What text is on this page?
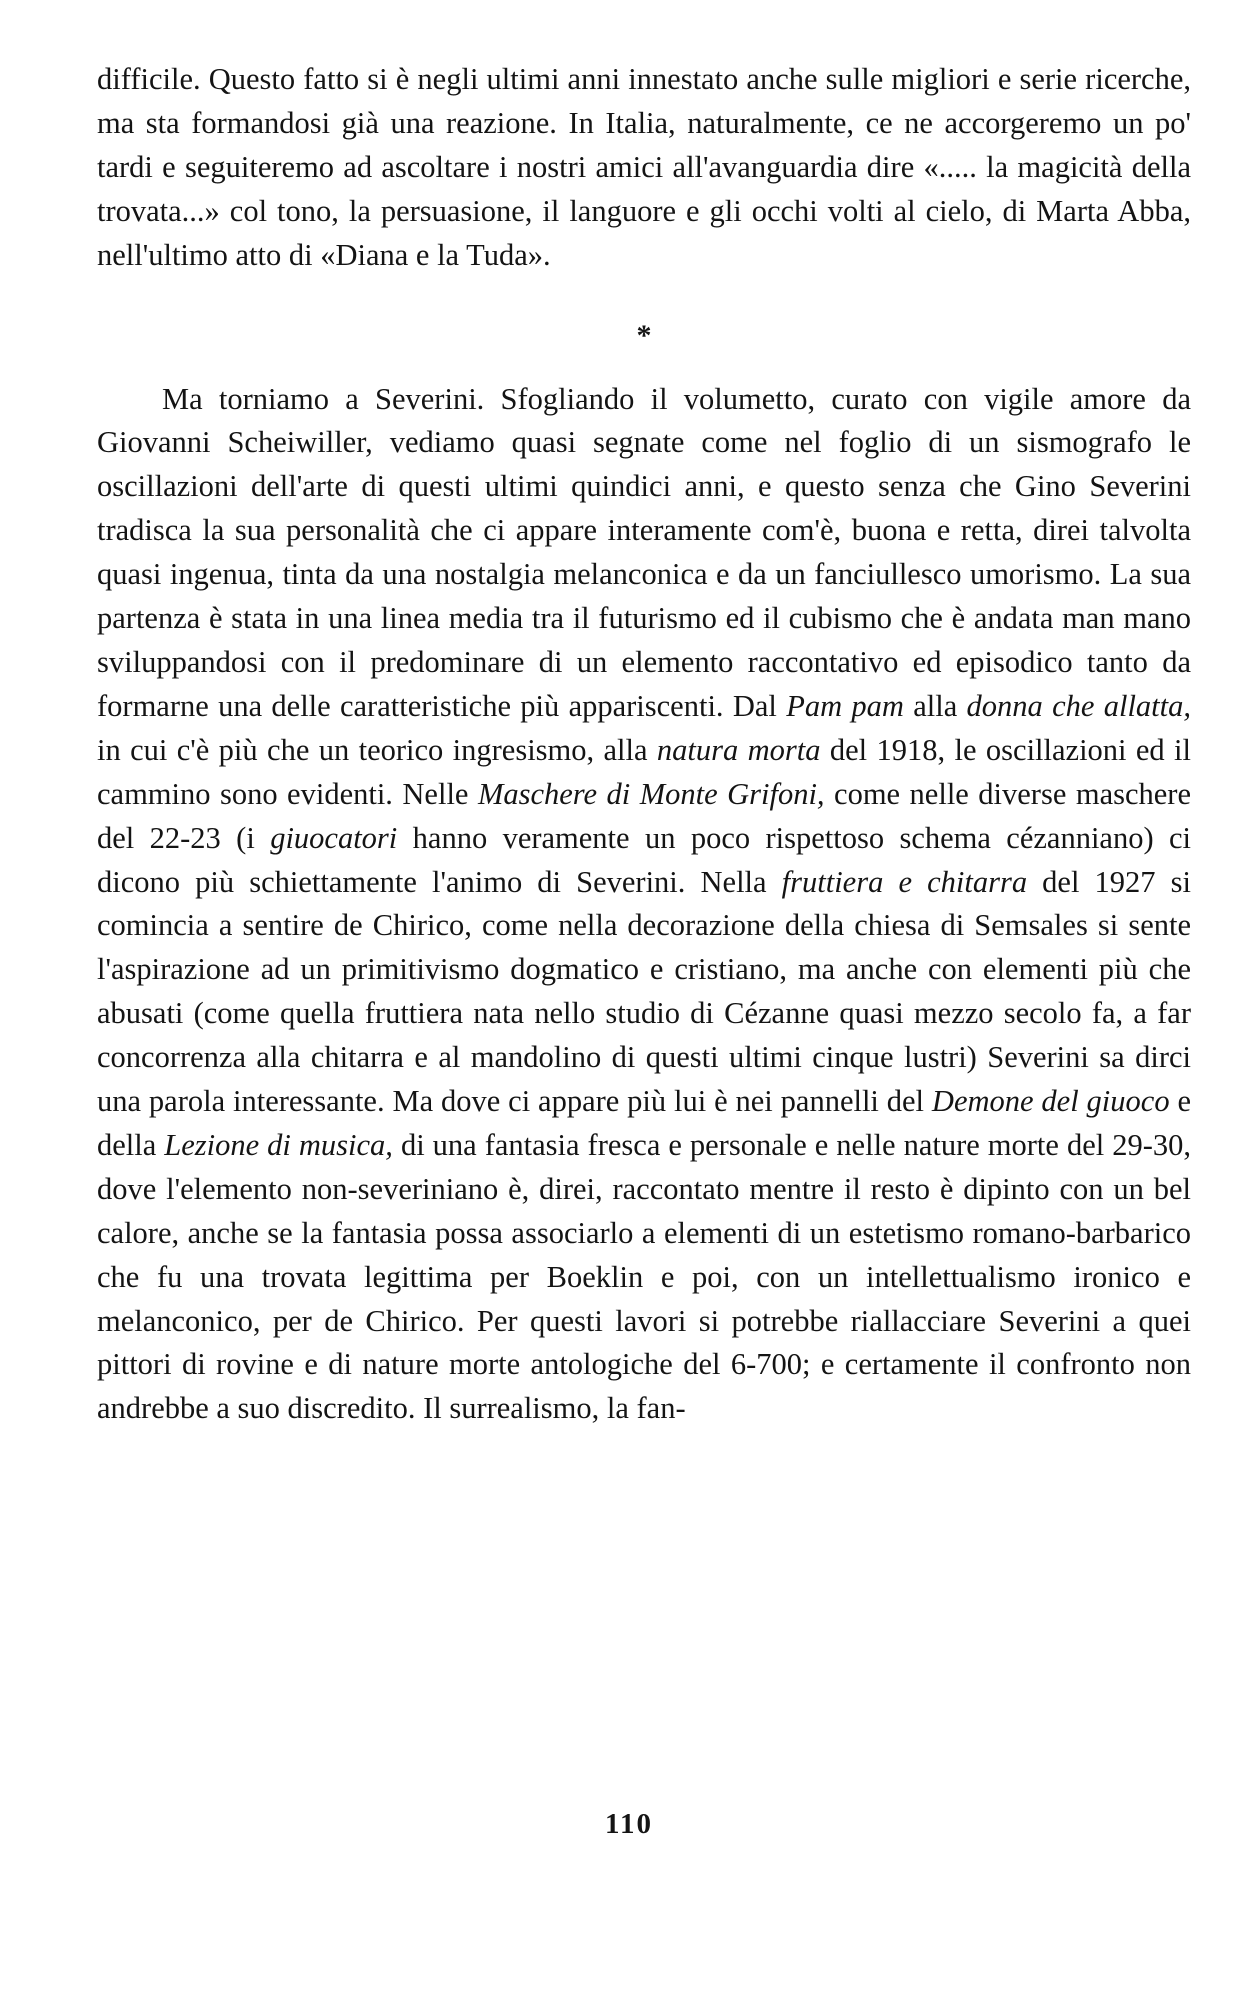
difficile. Questo fatto si è negli ultimi anni innestato anche sulle migliori e serie ricerche, ma sta formandosi già una reazione. In Italia, naturalmente, ce ne accorgeremo un po' tardi e seguiteremo ad ascoltare i nostri amici all'avanguardia dire «..... la magicità della trovata...» col tono, la persuasione, il languore e gli occhi volti al cielo, di Marta Abba, nell'ultimo atto di «Diana e la Tuda».

*

Ma torniamo a Severini. Sfogliando il volumetto, curato con vigile amore da Giovanni Scheiwiller, vediamo quasi segnate come nel foglio di un sismografo le oscillazioni dell'arte di questi ultimi quindici anni, e questo senza che Gino Severini tradisca la sua personalità che ci appare interamente com'è, buona e retta, direi talvolta quasi ingenua, tinta da una nostalgia melanconica e da un fanciullesco umorismo. La sua partenza è stata in una linea media tra il futurismo ed il cubismo che è andata man mano sviluppandosi con il predominare di un elemento raccontativo ed episodico tanto da formarne una delle caratteristiche più appariscenti. Dal Pam pam alla donna che allatta, in cui c'è più che un teorico ingresismo, alla natura morta del 1918, le oscillazioni ed il cammino sono evidenti. Nelle Maschere di Monte Grifoni, come nelle diverse maschere del 22-23 (i giuocatori hanno veramente un poco rispettoso schema cézanniano) ci dicono più schiettamente l'animo di Severini. Nella fruttiera e chitarra del 1927 si comincia a sentire de Chirico, come nella decorazione della chiesa di Semsales si sente l'aspirazione ad un primitivismo dogmatico e cristiano, ma anche con elementi più che abusati (come quella fruttiera nata nello studio di Cézanne quasi mezzo secolo fa, a far concorrenza alla chitarra e al mandolino di questi ultimi cinque lustri) Severini sa dirci una parola interessante. Ma dove ci appare più lui è nei pannelli del Demone del giuoco e della Lezione di musica, di una fantasia fresca e personale e nelle nature morte del 29-30, dove l'elemento non-severiniano è, direi, raccontato mentre il resto è dipinto con un bel calore, anche se la fantasia possa associarlo a elementi di un estetismo romano-barbarico che fu una trovata legittima per Boeklin e poi, con un intellettualismo ironico e melanconico, per de Chirico. Per questi lavori si potrebbe riallacciare Severini a quei pittori di rovine e di nature morte antologiche del 6-700; e certamente il confronto non andrebbe a suo discredito. Il surrealismo, la fan-

110
